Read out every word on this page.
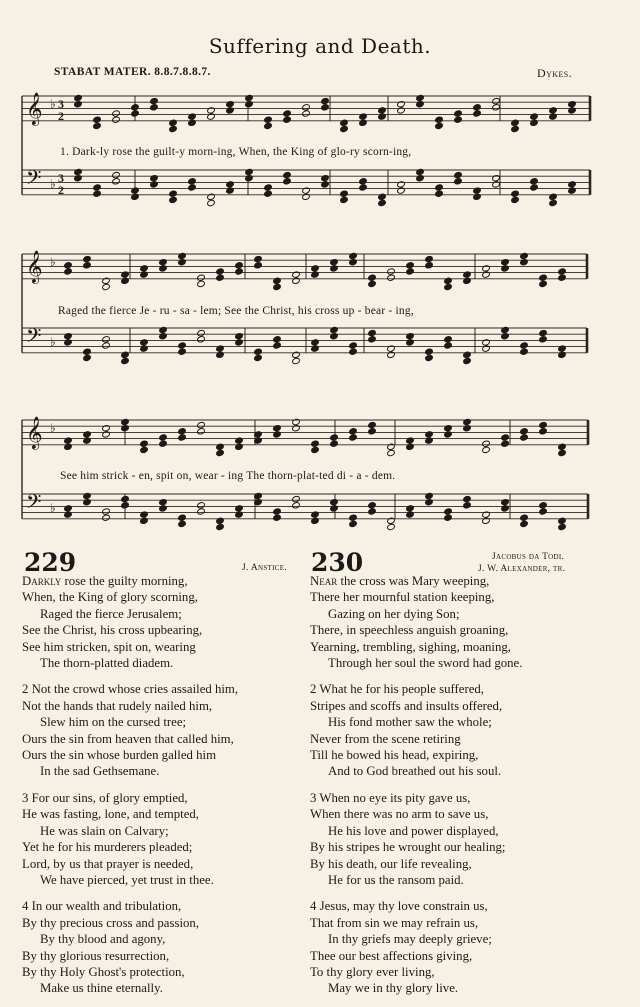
Suffering and Death.
STABAT MATER. 8.8.7.8.8.7.	Dykes.
𝄞
𝄢
♭
♭
3
2
3
2
𝄞
𝄢
♭
♭
𝄞
𝄢
♭
♭
1. Dark-ly rose the guilt-y morn-ing, When, the King of glo-ry scorn-ing,
Raged the fierce Je - ru - sa - lem; See the Christ, his cross up - bear - ing,
See him strick - en, spit on, wear - ing The thorn-plat-ted di - a - dem.
229	J. Anstice. 230	Jacobus da Todi.
J. W. Alexander, tr.
Darkly rose the guilty morning,
When, the King of glory scorning,
Raged the fierce Jerusalem;
See the Christ, his cross upbearing,
See him stricken, spit on, wearing
The thorn-platted diadem.
2 Not the crowd whose cries assailed him,
Not the hands that rudely nailed him,
Slew him on the cursed tree;
Ours the sin from heaven that called him,
Ours the sin whose burden galled him
In the sad Gethsemane.
3 For our sins, of glory emptied,
He was fasting, lone, and tempted,
He was slain on Calvary;
Yet he for his murderers pleaded;
Lord, by us that prayer is needed,
We have pierced, yet trust in thee.
4 In our wealth and tribulation,
By thy precious cross and passion,
By thy blood and agony,
By thy glorious resurrection,
By thy Holy Ghost's protection,
Make us thine eternally.
Near the cross was Mary weeping,
There her mournful station keeping,
Gazing on her dying Son;
There, in speechless anguish groaning,
Yearning, trembling, sighing, moaning,
Through her soul the sword had gone.
2 What he for his people suffered,
Stripes and scoffs and insults offered,
His fond mother saw the whole;
Never from the scene retiring
Till he bowed his head, expiring,
And to God breathed out his soul.
3 When no eye its pity gave us,
When there was no arm to save us,
He his love and power displayed,
By his stripes he wrought our healing;
By his death, our life revealing,
He for us the ransom paid.
4 Jesus, may thy love constrain us,
That from sin we may refrain us,
In thy griefs may deeply grieve;
Thee our best affections giving,
To thy glory ever living,
May we in thy glory live.
